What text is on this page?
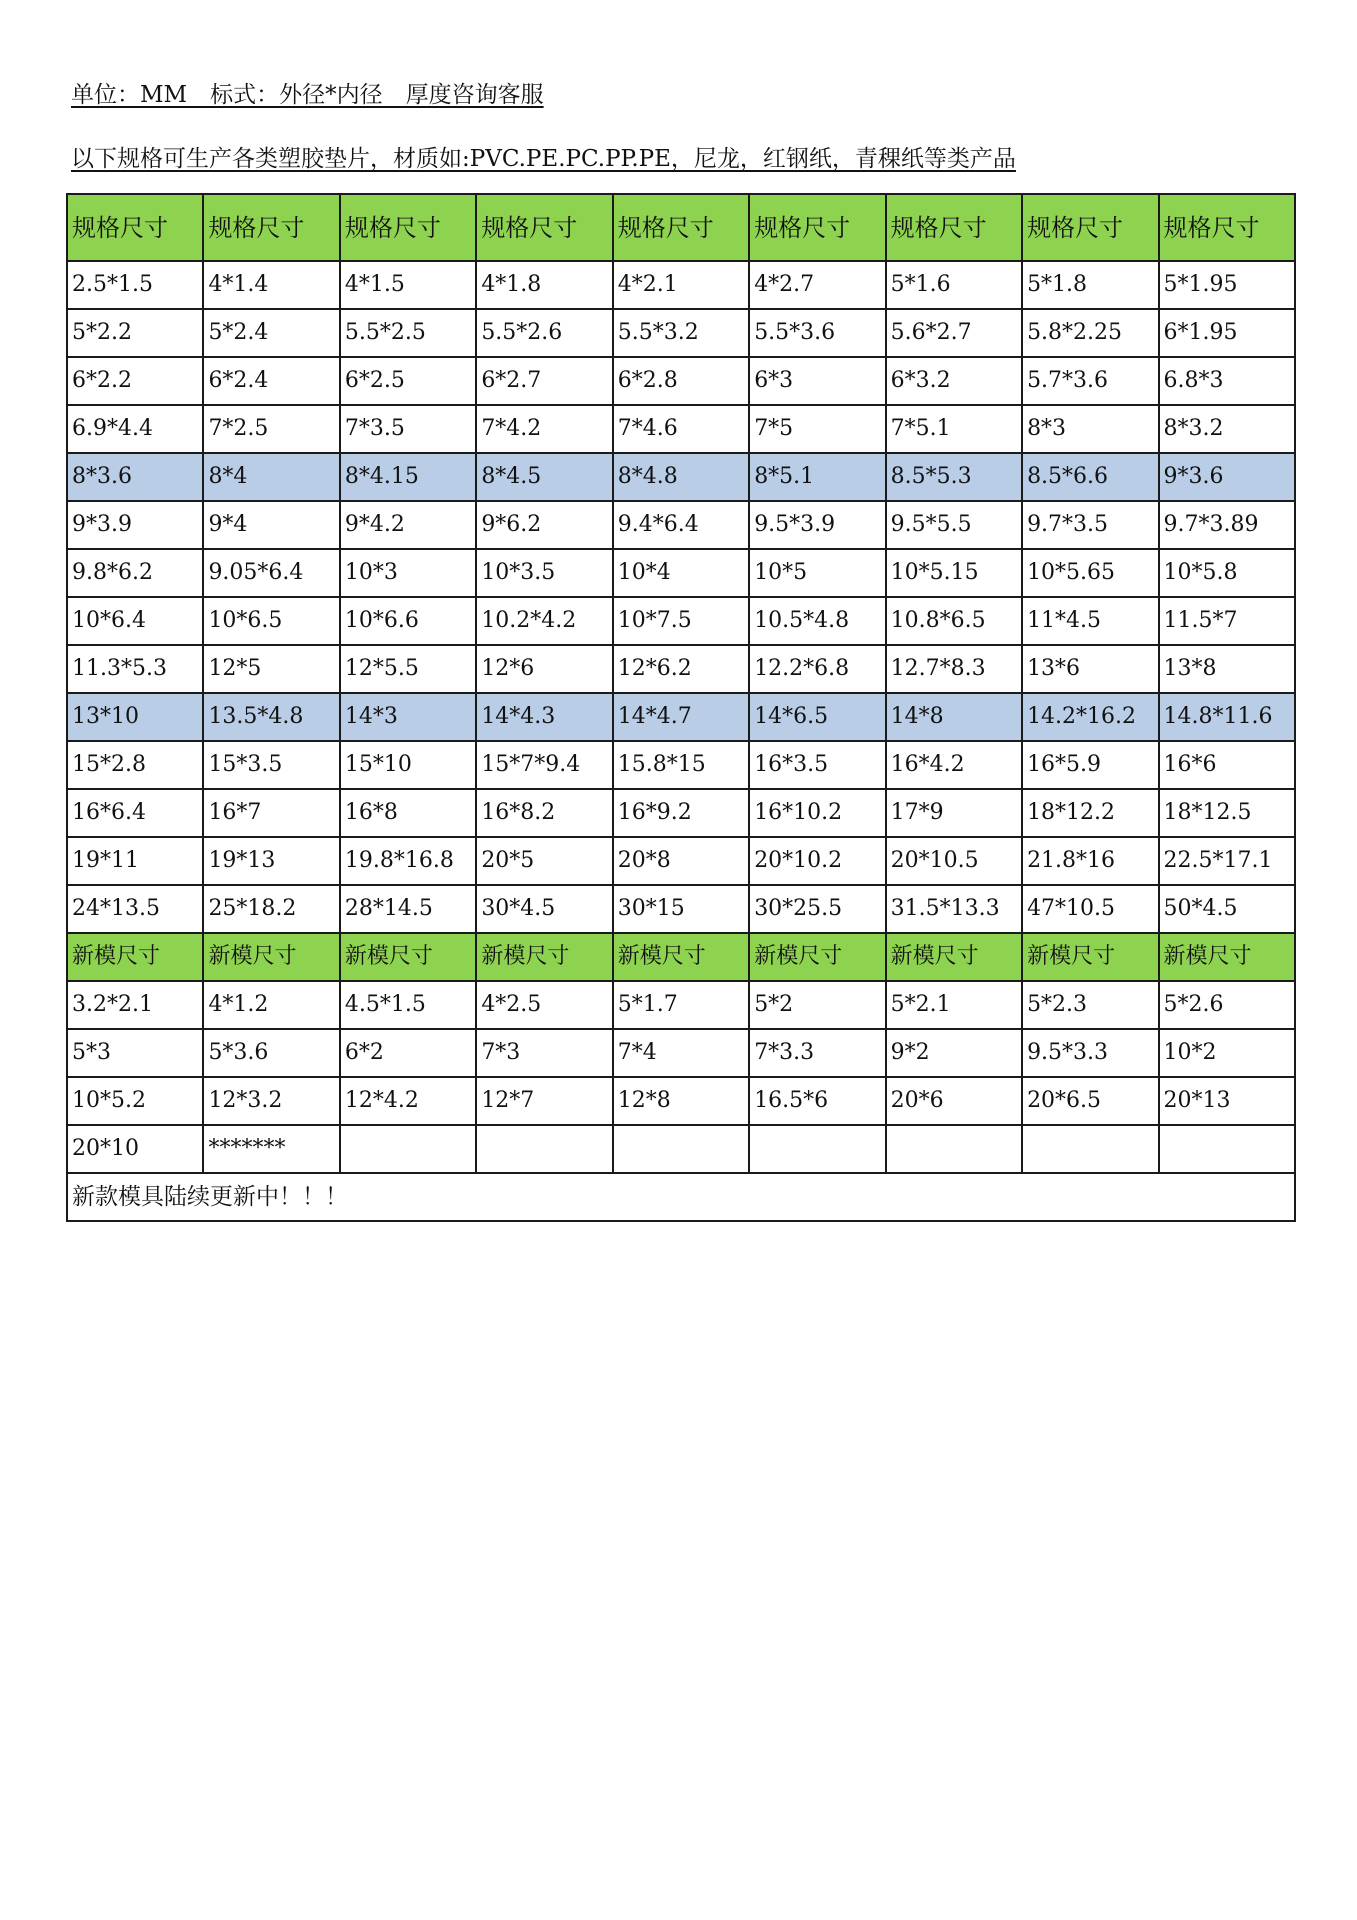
单位：MM　标式：外径*内径　厚度咨询客服
以下规格可生产各类塑胶垫片，材质如:PVC.PE.PC.PP.PE，尼龙，红钢纸，青稞纸等类产品
规格尺寸	规格尺寸	规格尺寸	规格尺寸	规格尺寸	规格尺寸	规格尺寸	规格尺寸	规格尺寸
2.5*1.5	4*1.4	4*1.5	4*1.8	4*2.1	4*2.7	5*1.6	5*1.8	5*1.95
5*2.2	5*2.4	5.5*2.5	5.5*2.6	5.5*3.2	5.5*3.6	5.6*2.7	5.8*2.25	6*1.95
6*2.2	6*2.4	6*2.5	6*2.7	6*2.8	6*3	6*3.2	5.7*3.6	6.8*3
6.9*4.4	7*2.5	7*3.5	7*4.2	7*4.6	7*5	7*5.1	8*3	8*3.2
8*3.6	8*4	8*4.15	8*4.5	8*4.8	8*5.1	8.5*5.3	8.5*6.6	9*3.6
9*3.9	9*4	9*4.2	9*6.2	9.4*6.4	9.5*3.9	9.5*5.5	9.7*3.5	9.7*3.89
9.8*6.2	9.05*6.4	10*3	10*3.5	10*4	10*5	10*5.15	10*5.65	10*5.8
10*6.4	10*6.5	10*6.6	10.2*4.2	10*7.5	10.5*4.8	10.8*6.5	11*4.5	11.5*7
11.3*5.3	12*5	12*5.5	12*6	12*6.2	12.2*6.8	12.7*8.3	13*6	13*8
13*10	13.5*4.8	14*3	14*4.3	14*4.7	14*6.5	14*8	14.2*16.2	14.8*11.6
15*2.8	15*3.5	15*10	15*7*9.4	15.8*15	16*3.5	16*4.2	16*5.9	16*6
16*6.4	16*7	16*8	16*8.2	16*9.2	16*10.2	17*9	18*12.2	18*12.5
19*11	19*13	19.8*16.8	20*5	20*8	20*10.2	20*10.5	21.8*16	22.5*17.1
24*13.5	25*18.2	28*14.5	30*4.5	30*15	30*25.5	31.5*13.3	47*10.5	50*4.5
新模尺寸	新模尺寸	新模尺寸	新模尺寸	新模尺寸	新模尺寸	新模尺寸	新模尺寸	新模尺寸
3.2*2.1	4*1.2	4.5*1.5	4*2.5	5*1.7	5*2	5*2.1	5*2.3	5*2.6
5*3	5*3.6	6*2	7*3	7*4	7*3.3	9*2	9.5*3.3	10*2
10*5.2	12*3.2	12*4.2	12*7	12*8	16.5*6	20*6	20*6.5	20*13
20*10	*******							
新款模具陆续更新中！！！								
